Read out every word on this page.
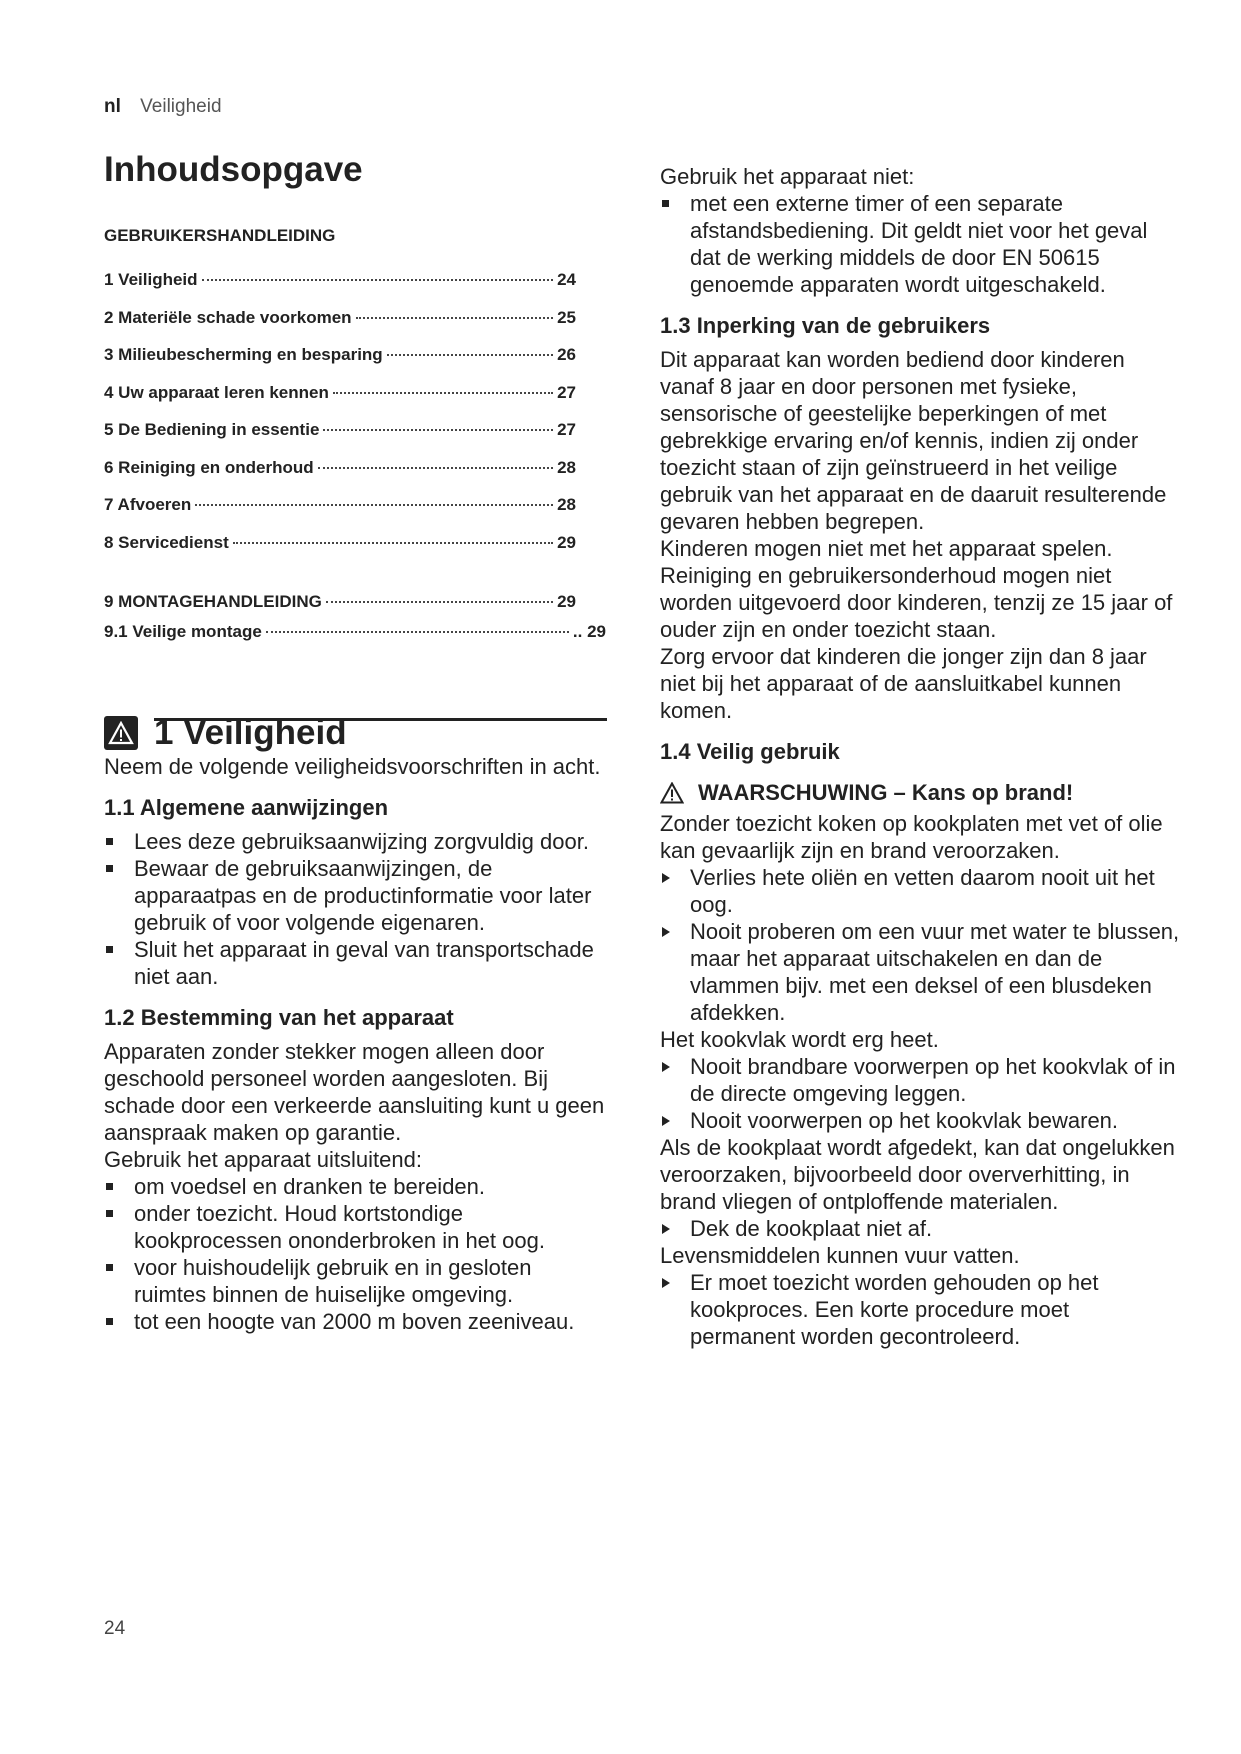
nl Veiligheid
Inhoudsopgave
GEBRUIKERSHANDLEIDING
1 Veiligheid	24
2 Materiële schade voorkomen	25
3 Milieubescherming en besparing	26
4 Uw apparaat leren kennen	27
5 De Bediening in essentie	27
6 Reiniging en onderhoud	28
7 Afvoeren	28
8 Servicedienst	29
9 MONTAGEHANDLEIDING	29
9.1 Veilige montage	.. 29
1 Veiligheid

Neem de volgende veiligheidsvoorschriften in acht.

1.1 Algemene aanwijzingen
Lees deze gebruiksaanwijzing zorgvuldig door.
Bewaar de gebruiksaanwijzingen, de apparaatpas en de productinformatie voor later gebruik of voor volgende eigenaren.
Sluit het apparaat in geval van transportschade niet aan.
1.2 Bestemming van het apparaat

Apparaten zonder stekker mogen alleen door geschoold personeel worden aangesloten. Bij schade door een verkeerde aansluiting kunt u geen aanspraak maken op garantie.

Gebruik het apparaat uitsluitend:

om voedsel en dranken te bereiden.
onder toezicht. Houd kortstondige kookprocessen ononderbroken in het oog.
voor huishoudelijk gebruik en in gesloten ruimtes binnen de huiselijke omgeving.
tot een hoogte van 2000 m boven zeeniveau.

Gebruik het apparaat niet:

met een externe timer of een separate afstandsbediening. Dit geldt niet voor het geval dat de werking middels de door EN 50615 genoemde apparaten wordt uitgeschakeld.
1.3 Inperking van de gebruikers

Dit apparaat kan worden bediend door kinderen vanaf 8 jaar en door personen met fysieke, sensorische of geestelijke beperkingen of met gebrekkige ervaring en/of kennis, indien zij onder toezicht staan of zijn geïnstrueerd in het veilige gebruik van het apparaat en de daaruit resulterende gevaren hebben begrepen.

Kinderen mogen niet met het apparaat spelen.

Reiniging en gebruikersonderhoud mogen niet worden uitgevoerd door kinderen, tenzij ze 15 jaar of ouder zijn en onder toezicht staan.

Zorg ervoor dat kinderen die jonger zijn dan 8 jaar niet bij het apparaat of de aansluitkabel kunnen komen.

1.4 Veilig gebruik
WAARSCHUWING – Kans op brand!

Zonder toezicht koken op kookplaten met vet of olie kan gevaarlijk zijn en brand veroorzaken.

Verlies hete oliën en vetten daarom nooit uit het oog.
Nooit proberen om een vuur met water te blussen, maar het apparaat uitschakelen en dan de vlammen bijv. met een deksel of een blusdeken afdekken.

Het kookvlak wordt erg heet.

Nooit brandbare voorwerpen op het kookvlak of in de directe omgeving leggen.
Nooit voorwerpen op het kookvlak bewaren.

Als de kookplaat wordt afgedekt, kan dat ongelukken veroorzaken, bijvoorbeeld door oververhitting, in brand vliegen of ontploffende materialen.

Dek de kookplaat niet af.

Levensmiddelen kunnen vuur vatten.

Er moet toezicht worden gehouden op het kookproces. Een korte procedure moet permanent worden gecontroleerd.
24
